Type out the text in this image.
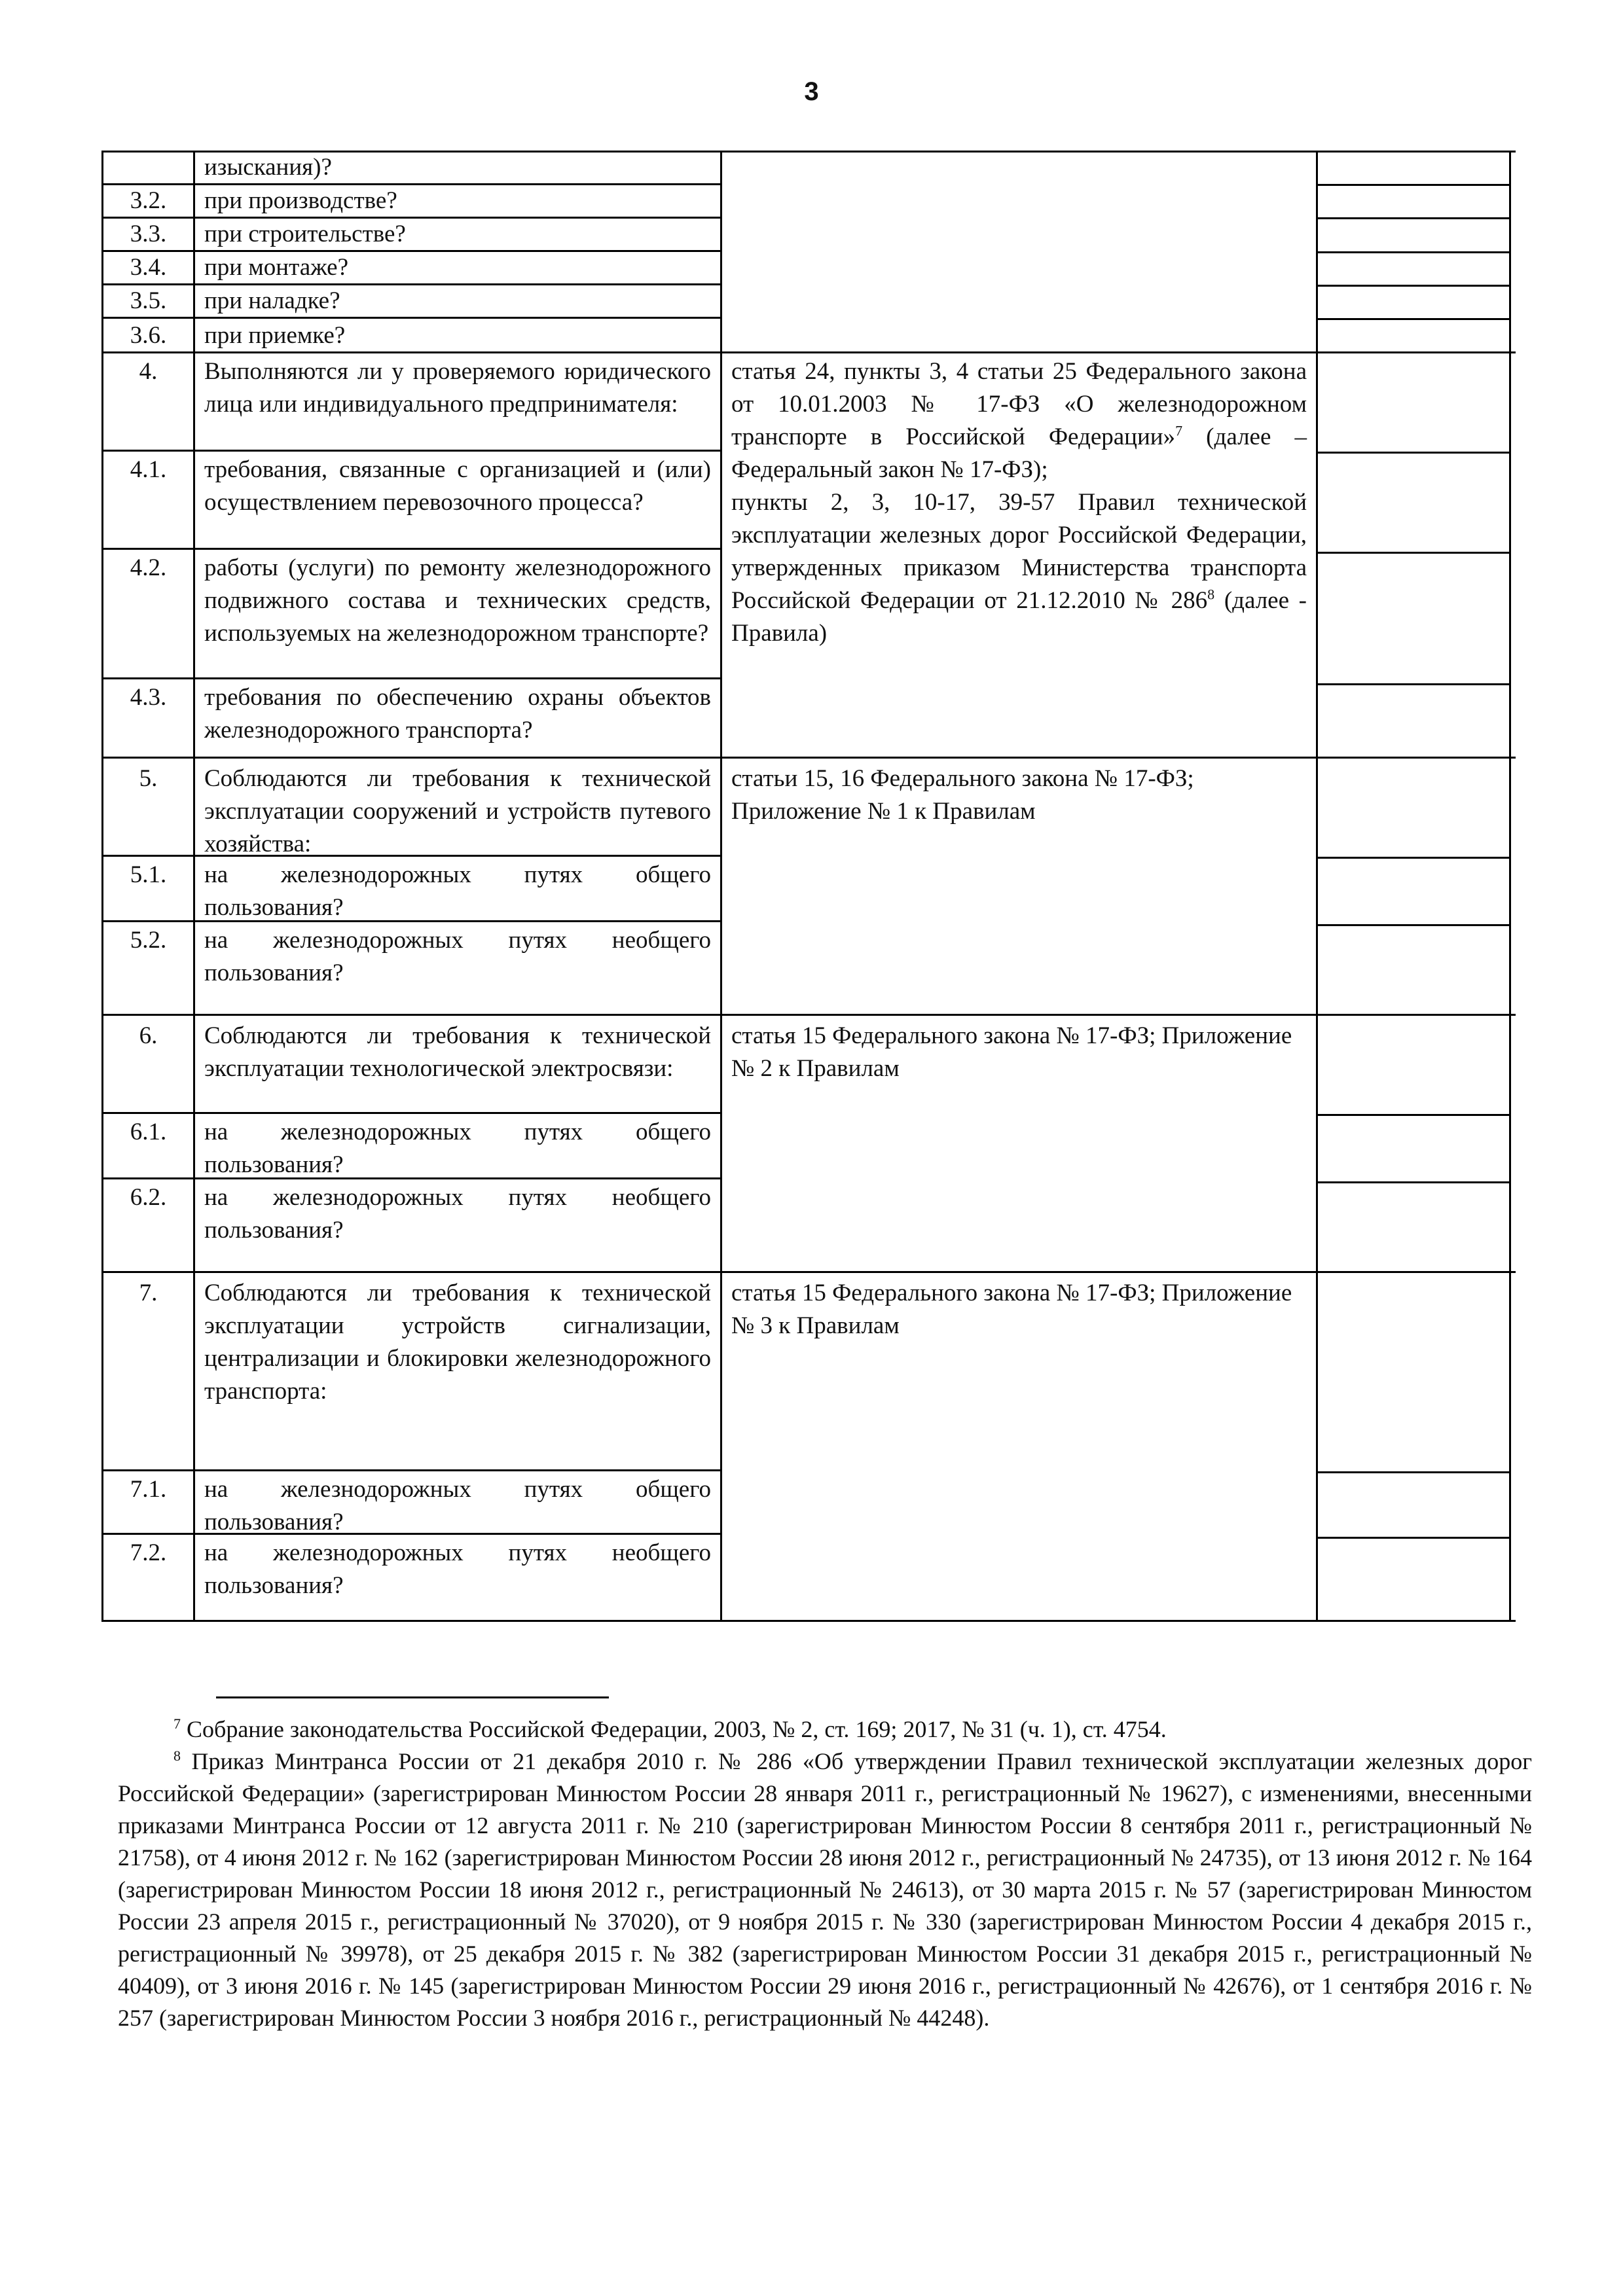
3
3.2.
3.3.
3.4.
3.5.
3.6.
изыскания)?
при производстве?
при строительстве?
при монтаже?
при наладке?
при приемке?
4.
4.1.
4.2.
4.3.
Выполняются ли у проверяемого юридического лица или индивидуального предпринимателя:
требования, связанные с организацией и (или) осуществлением перевозочного процесса?
работы (услуги) по ремонту железнодорожного подвижного состава и технических средств, используемых на железнодорожном транспорте?
требования по обеспечению охраны объектов железнодорожного транспорта?
статья 24, пункты 3, 4 статьи 25 Федерального закона от 10.01.2003 № 17-ФЗ «О железнодорожном транспорте в Российской Федерации»$^7$ (далее – Федеральный закон № 17-ФЗ);
пункты 2, 3, 10-17, 39-57 Правил технической эксплуатации железных дорог Российской Федерации, утвержденных приказом Министерства транспорта Российской Федерации от 21.12.2010 № $286^8$ (далее - Правила)
5.
5.1.
5.2.
Соблюдаются ли требования к технической эксплуатации сооружений и устройств путевого хозяйства:
на железнодорожных путях общего пользования?
на железнодорожных путях необщего пользования?
статьи 15, 16 Федерального закона № 17-ФЗ; Приложение № 1 к Правилам
6.
6.1.
6.2.
Соблюдаются ли требования к технической эксплуатации технологической электросвязи:
на железнодорожных путях общего пользования?
на железнодорожных путях необщего пользования?
статья 15 Федерального закона № 17-ФЗ; Приложение № 2 к Правилам
7.
7.1.
7.2.
Соблюдаются ли требования к технической эксплуатации устройств сигнализации, централизации и блокировки железнодорожного транспорта:
на железнодорожных путях общего пользования?
на железнодорожных путях необщего пользования?
статья 15 Федерального закона № 17-ФЗ; Приложение № 3 к Правилам

$^7$ Собрание законодательства Российской Федерации, 2003, № 2, ст. 169; 2017, № 31 (ч. 1), ст. 4754.

$^8$ Приказ Минтранса России от 21 декабря 2010 г. № 286 «Об утверждении Правил технической эксплуатации железных дорог Российской Федерации» (зарегистрирован Минюстом России 28 января 2011 г., регистрационный № 19627), с изменениями, внесенными приказами Минтранса России от 12 августа 2011 г. № 210 (зарегистрирован Минюстом России 8 сентября 2011 г., регистрационный № 21758), от 4 июня 2012 г. № 162 (зарегистрирован Минюстом России 28 июня 2012 г., регистрационный № 24735), от 13 июня 2012 г. № 164 (зарегистрирован Минюстом России 18 июня 2012 г., регистрационный № 24613), от 30 марта 2015 г. № 57 (зарегистрирован Минюстом России 23 апреля 2015 г., регистрационный № 37020), от 9 ноября 2015 г. № 330 (зарегистрирован Минюстом России 4 декабря 2015 г., регистрационный № 39978), от 25 декабря 2015 г. № 382 (зарегистрирован Минюстом России 31 декабря 2015 г., регистрационный № 40409), от 3 июня 2016 г. № 145 (зарегистрирован Минюстом России 29 июня 2016 г., регистрационный № 42676), от 1 сентября 2016 г. № 257 (зарегистрирован Минюстом России 3 ноября 2016 г., регистрационный № 44248).
